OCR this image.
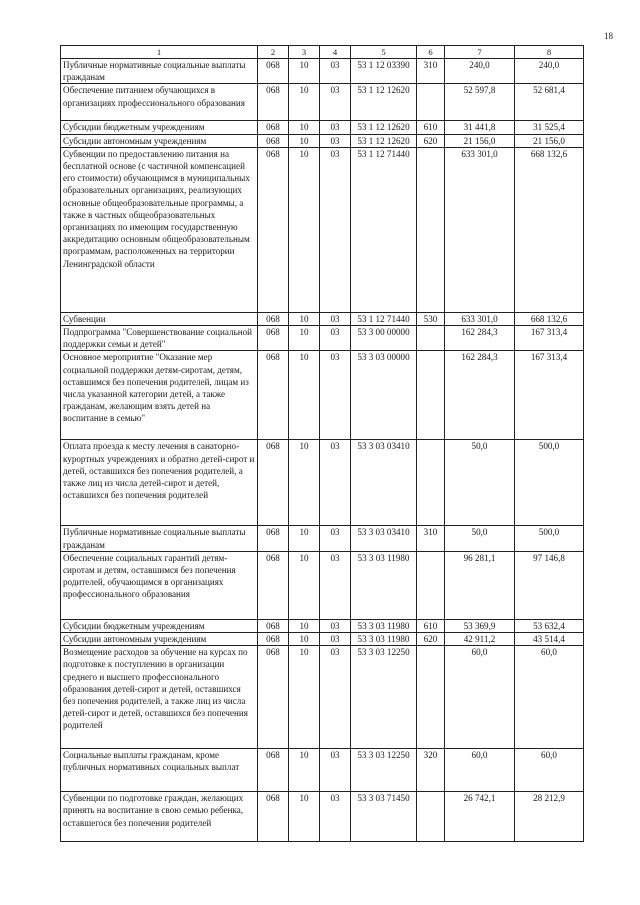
18
1	2	3	4	5	6	7	8
Публичные нормативные социальные выплаты гражданам	068	10	03	53 1 12 03390	310	240,0	240,0
Обеспечение питанием обучающихся в организациях профессионального образования	068	10	03	53 1 12 12620		52 597,8	52 681,4
Субсидии бюджетным учреждениям	068	10	03	53 1 12 12620	610	31 441,8	31 525,4
Субсидии автономным учреждениям	068	10	03	53 1 12 12620	620	21 156,0	21 156,0
Субвенции по предоставлению питания на бесплатной основе (с частичной компенсацией его стоимости) обучающимся в муниципальных образовательных организациях, реализующих основные общеобразовательные программы, а также в частных общеобразовательных организациях по имеющим государственную аккредитацию основным общеобразовательным программам, расположенных на территории Ленинградской области	068	10	03	53 1 12 71440		633 301,0	668 132,6
Субвенции	068	10	03	53 1 12 71440	530	633 301,0	668 132,6
Подпрограмма "Совершенствование социальной поддержки семьи и детей"	068	10	03	53 3 00 00000		162 284,3	167 313,4
Основное мероприятие "Оказание мер социальной поддержки детям-сиротам, детям, оставшимся без попечения родителей, лицам из числа указанной категории детей, а также гражданам, желающим взять детей на воспитание в семью"	068	10	03	53 3 03 00000		162 284,3	167 313,4
Оплата проезда к месту лечения в санаторно-курортных учреждениях и обратно детей-сирот и детей, оставшихся без попечения родителей, а также лиц из числа детей-сирот и детей, оставшихся без попечения родителей	068	10	03	53 3 03 03410		50,0	500,0
Публичные нормативные социальные выплаты гражданам	068	10	03	53 3 03 03410	310	50,0	500,0
Обеспечение социальных гарантий детям-сиротам и детям, оставшимся без попечения родителей, обучающимся в организациях профессионального образования	068	10	03	53 3 03 11980		96 281,1	97 146,8
Субсидии бюджетным учреждениям	068	10	03	53 3 03 11980	610	53 369,9	53 632,4
Субсидии автономным учреждениям	068	10	03	53 3 03 11980	620	42 911,2	43 514,4
Возмещение расходов за обучение на курсах по подготовке к поступлению в организации среднего и высшего профессионального образования детей-сирот и детей, оставшихся без попечения родителей, а также лиц из числа детей-сирот и детей, оставшихся без попечения родителей	068	10	03	53 3 03 12250		60,0	60,0
Социальные выплаты гражданам, кроме публичных нормативных социальных выплат	068	10	03	53 3 03 12250	320	60,0	60,0
Субвенции по подготовке граждан, желающих принять на воспитание в свою семью ребенка, оставшегося без попечения родителей	068	10	03	53 3 03 71450		26 742,1	28 212,9
